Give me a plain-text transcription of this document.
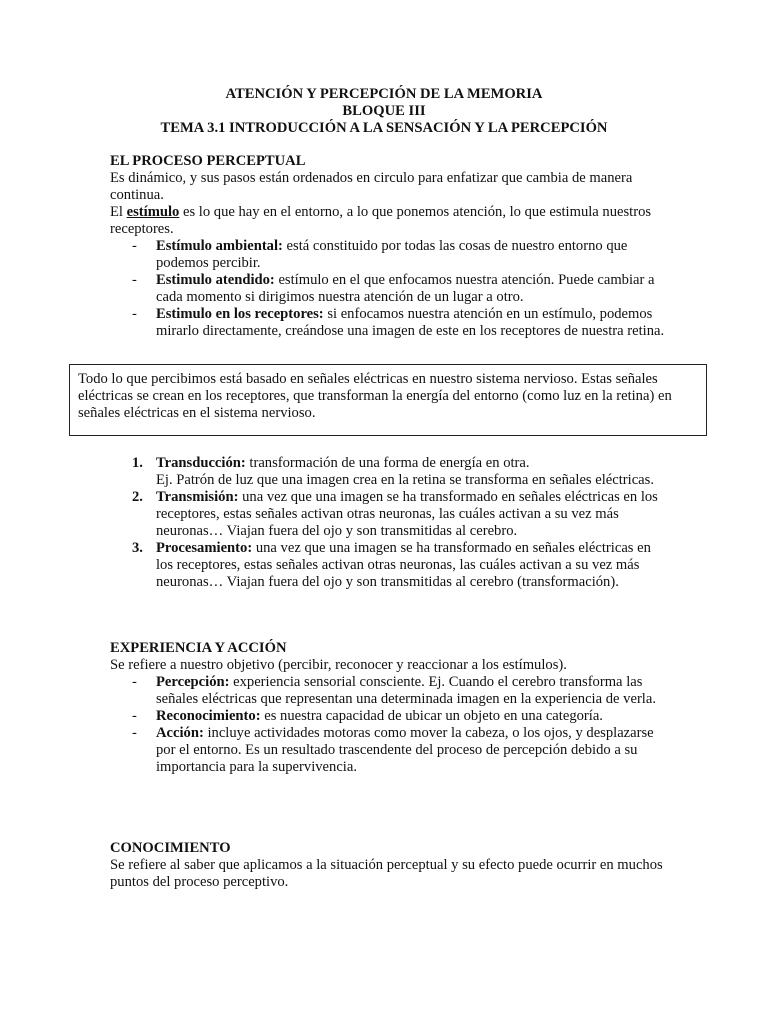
ATENCIÓN Y PERCEPCIÓN DE LA MEMORIA
BLOQUE III
TEMA 3.1 INTRODUCCIÓN A LA SENSACIÓN Y LA PERCEPCIÓN
EL PROCESO PERCEPTUAL

Es dinámico, y sus pasos están ordenados en circulo para enfatizar que cambia de manera continua.

El estímulo es lo que hay en el entorno, a lo que ponemos atención, lo que estimula nuestros receptores.

- Estímulo ambiental: está constituido por todas las cosas de nuestro entorno que podemos percibir.
- Estimulo atendido: estímulo en el que enfocamos nuestra atención. Puede cambiar a cada momento si dirigimos nuestra atención de un lugar a otro.
- Estimulo en los receptores: si enfocamos nuestra atención en un estímulo, podemos mirarlo directamente, creándose una imagen de este en los receptores de nuestra retina.
Todo lo que percibimos está basado en señales eléctricas en nuestro sistema nervioso. Estas señales eléctricas se crean en los receptores, que transforman la energía del entorno (como luz en la retina) en señales eléctricas en el sistema nervioso.
1. Transducción: transformación de una forma de energía en otra.
Ej. Patrón de luz que una imagen crea en la retina se transforma en señales eléctricas.
2. Transmisión: una vez que una imagen se ha transformado en señales eléctricas en los receptores, estas señales activan otras neuronas, las cuáles activan a su vez más neuronas… Viajan fuera del ojo y son transmitidas al cerebro.
3. Procesamiento: una vez que una imagen se ha transformado en señales eléctricas en los receptores, estas señales activan otras neuronas, las cuáles activan a su vez más neuronas… Viajan fuera del ojo y son transmitidas al cerebro (transformación).
EXPERIENCIA Y ACCIÓN

Se refiere a nuestro objetivo (percibir, reconocer y reaccionar a los estímulos).

- Percepción: experiencia sensorial consciente. Ej. Cuando el cerebro transforma las señales eléctricas que representan una determinada imagen en la experiencia de verla.
- Reconocimiento: es nuestra capacidad de ubicar un objeto en una categoría.
- Acción: incluye actividades motoras como mover la cabeza, o los ojos, y desplazarse por el entorno. Es un resultado trascendente del proceso de percepción debido a su importancia para la supervivencia.
CONOCIMIENTO

Se refiere al saber que aplicamos a la situación perceptual y su efecto puede ocurrir en muchos puntos del proceso perceptivo.
